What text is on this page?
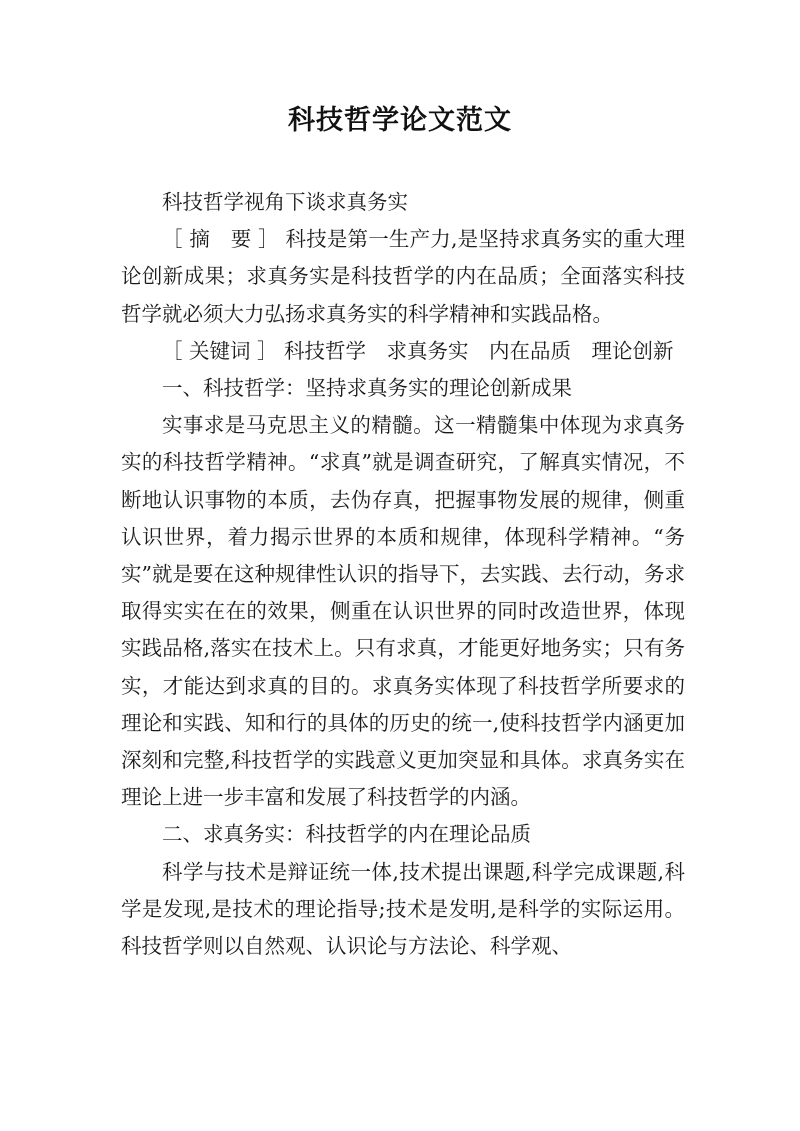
科技哲学论文范文

科技哲学视角下谈求真务实

［ 摘　要 ］ 科技是第一生产力,是坚持求真务实的重大理论创新成果；求真务实是科技哲学的内在品质；全面落实科技哲学就必须大力弘扬求真务实的科学精神和实践品格。

［ 关键词 ］ 科技哲学　求真务实　内在品质　理论创新

一、科技哲学：坚持求真务实的理论创新成果

实事求是马克思主义的精髓。这一精髓集中体现为求真务实的科技哲学精神。“求真”就是调查研究，了解真实情况，不断地认识事物的本质，去伪存真，把握事物发展的规律，侧重认识世界，着力揭示世界的本质和规律，体现科学精神。“务实”就是要在这种规律性认识的指导下，去实践、去行动，务求取得实实在在的效果，侧重在认识世界的同时改造世界，体现实践品格,落实在技术上。只有求真，才能更好地务实；只有务实，才能达到求真的目的。求真务实体现了科技哲学所要求的理论和实践、知和行的具体的历史的统一,使科技哲学内涵更加深刻和完整,科技哲学的实践意义更加突显和具体。求真务实在理论上进一步丰富和发展了科技哲学的内涵。

二、求真务实：科技哲学的内在理论品质

科学与技术是辩证统一体,技术提出课题,科学完成课题,科学是发现,是技术的理论指导;技术是发明,是科学的实际运用。科技哲学则以自然观、认识论与方法论、科学观、
